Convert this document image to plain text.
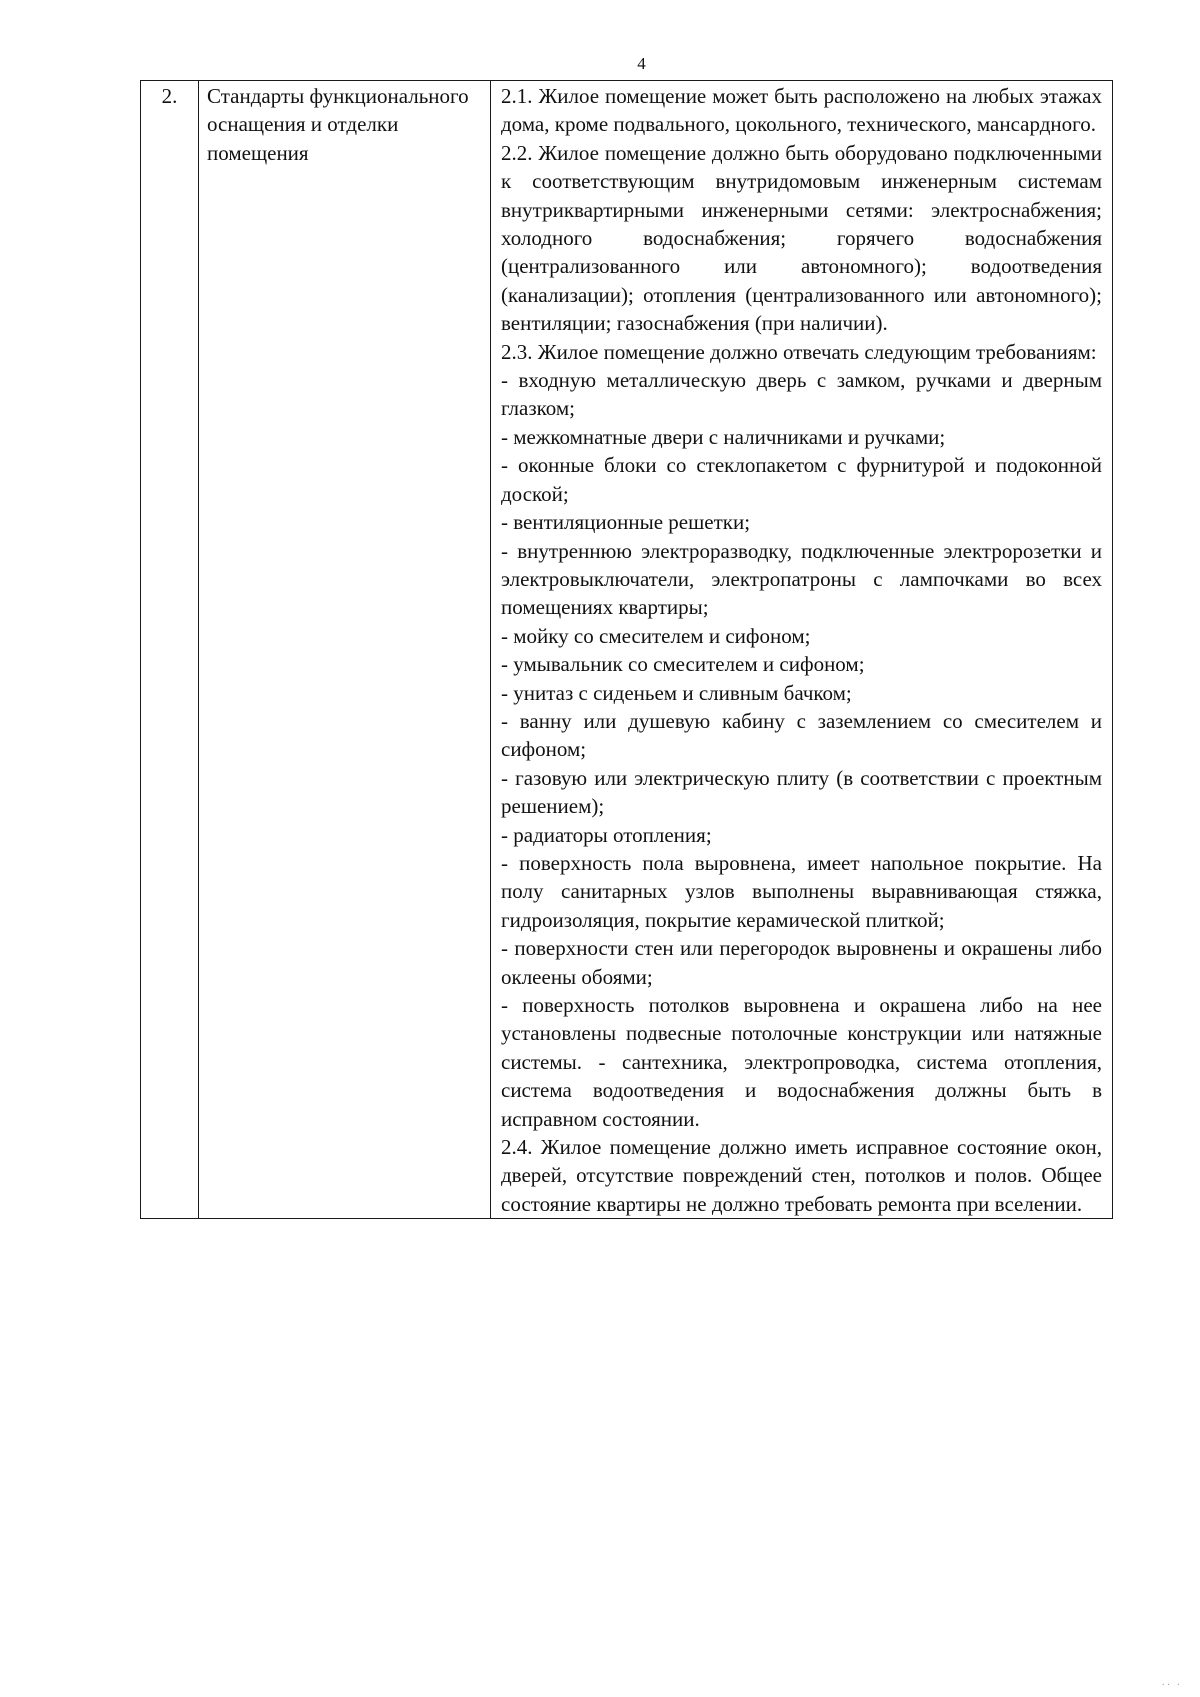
4
2.	Стандарты функционального оснащения и отделки помещения	

2.1. Жилое помещение может быть расположено на любых этажах дома, кроме подвального, цокольного, технического, мансардного.

2.2. Жилое помещение должно быть оборудовано подключенными к соответствующим внутридомовым инженерным системам внутриквартирными инженерными сетями: электроснабжения; холодного водоснабжения; горячего водоснабжения (централизованного или автономного); водоотведения (канализации); отопления (централизованного или автономного); вентиляции; газоснабжения (при наличии).

2.3. Жилое помещение должно отвечать следующим требованиям:

- входную металлическую дверь с замком, ручками и дверным глазком;

- межкомнатные двери с наличниками и ручками;

- оконные блоки со стеклопакетом с фурнитурой и подоконной доской;

- вентиляционные решетки;

- внутреннюю электроразводку, подключенные электророзетки и электровыключатели, электропатроны с лампочками во всех помещениях квартиры;

- мойку со смесителем и сифоном;

- умывальник со смесителем и сифоном;

- унитаз с сиденьем и сливным бачком;

- ванну или душевую кабину с заземлением со смесителем и сифоном;

- газовую или электрическую плиту (в соответствии с проектным решением);

- радиаторы отопления;

- поверхность пола выровнена, имеет напольное покрытие. На полу санитарных узлов выполнены выравнивающая стяжка, гидроизоляция, покрытие керамической плиткой;

- поверхности стен или перегородок выровнены и окрашены либо оклеены обоями;

- поверхность потолков выровнена и окрашена либо на нее установлены подвесные потолочные конструкции или натяжные системы. - сантехника, электропроводка, система отопления, система водоотведения и водоснабжения должны быть в исправном состоянии.

2.4. Жилое помещение должно иметь исправное состояние окон, дверей, отсутствие повреждений стен, потолков и полов. Общее состояние квартиры не должно требовать ремонта при вселении.

·· ·
